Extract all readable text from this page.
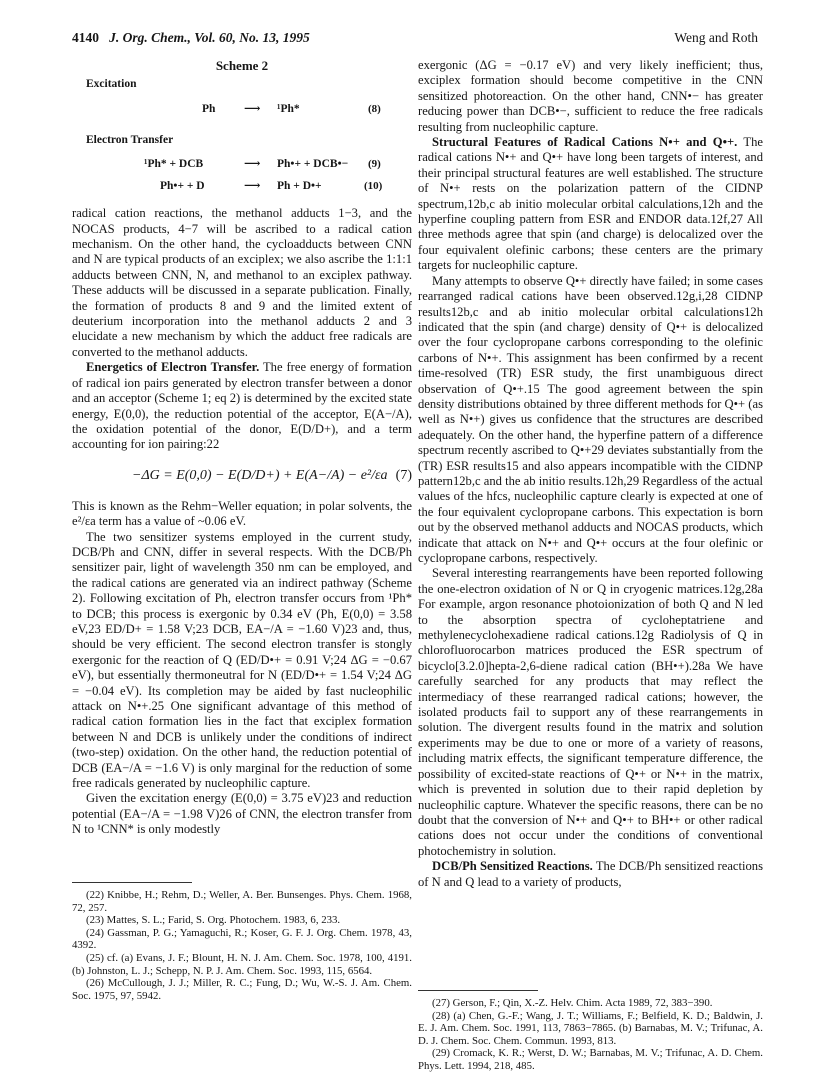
4140 J. Org. Chem., Vol. 60, No. 13, 1995	Weng and Roth
Scheme 2
Excitation
Ph ⟶ ¹Ph*	(8)
Electron Transfer
¹Ph* + DCB	⟶ Ph•+ + DCB•− (9)
Ph•+ + D	⟶ Ph + D•+	(10)

radical cation reactions, the methanol adducts 1−3, and the NOCAS products, 4−7 will be ascribed to a radical cation mechanism. On the other hand, the cycloadducts between CNN and N are typical products of an exciplex; we also ascribe the 1:1:1 adducts between CNN, N, and methanol to an exciplex pathway. These adducts will be discussed in a separate publication. Finally, the formation of products 8 and 9 and the limited extent of deuterium incorporation into the methanol adducts 2 and 3 elucidate a new mechanism by which the adduct free radicals are converted to the methanol adducts.

Energetics of Electron Transfer. The free energy of formation of radical ion pairs generated by electron transfer between a donor and an acceptor (Scheme 1; eq 2) is determined by the excited state energy, E(0,0), the reduction potential of the acceptor, E(A−/A), the oxidation potential of the donor, E(D/D+), and a term accounting for ion pairing:22

−ΔG = E(0,0) − E(D/D+) + E(A−/A) − e²/εa (7)

This is known as the Rehm−Weller equation; in polar solvents, the e²/εa term has a value of ~0.06 eV.

The two sensitizer systems employed in the current study, DCB/Ph and CNN, differ in several respects. With the DCB/Ph sensitizer pair, light of wavelength 350 nm can be employed, and the radical cations are generated via an indirect pathway (Scheme 2). Following excitation of Ph, electron transfer occurs from ¹Ph* to DCB; this process is exergonic by 0.34 eV (Ph, E(0,0) = 3.58 eV,23 ED/D+ = 1.58 V;23 DCB, EA−/A = −1.60 V)23 and, thus, should be very efficient. The second electron transfer is stongly exergonic for the reaction of Q (ED/D•+ = 0.91 V;24 ΔG = −0.67 eV), but essentially thermoneutral for N (ED/D•+ = 1.54 V;24 ΔG = −0.04 eV). Its completion may be aided by fast nucleophilic attack on N•+.25 One significant advantage of this method of radical cation formation lies in the fact that exciplex formation between N and DCB is unlikely under the conditions of indirect (two-step) oxidation. On the other hand, the reduction potential of DCB (EA−/A = −1.6 V) is only marginal for the reduction of some free radicals generated by nucleophilic capture.

Given the excitation energy (E(0,0) = 3.75 eV)23 and reduction potential (EA−/A = −1.98 V)26 of CNN, the electron transfer from N to ¹CNN* is only modestly

(22) Knibbe, H.; Rehm, D.; Weller, A. Ber. Bunsenges. Phys. Chem. 1968, 72, 257.
(23) Mattes, S. L.; Farid, S. Org. Photochem. 1983, 6, 233.
(24) Gassman, P. G.; Yamaguchi, R.; Koser, G. F. J. Org. Chem. 1978, 43, 4392.
(25) cf. (a) Evans, J. F.; Blount, H. N. J. Am. Chem. Soc. 1978, 100, 4191. (b) Johnston, L. J.; Schepp, N. P. J. Am. Chem. Soc. 1993, 115, 6564.
(26) McCullough, J. J.; Miller, R. C.; Fung, D.; Wu, W.-S. J. Am. Chem. Soc. 1975, 97, 5942.

exergonic (ΔG = −0.17 eV) and very likely inefficient; thus, exciplex formation should become competitive in the CNN sensitized photoreaction. On the other hand, CNN•− has greater reducing power than DCB•−, sufficient to reduce the free radicals resulting from nucleophilic capture.

Structural Features of Radical Cations N•+ and Q•+. The radical cations N•+ and Q•+ have long been targets of interest, and their principal structural features are well established. The structure of N•+ rests on the polarization pattern of the CIDNP spectrum,12b,c ab initio molecular orbital calculations,12h and the hyperfine coupling pattern from ESR and ENDOR data.12f,27 All three methods agree that spin (and charge) is delocalized over the four equivalent olefinic carbons; these centers are the primary targets for nucleophilic capture.

Many attempts to observe Q•+ directly have failed; in some cases rearranged radical cations have been observed.12g,i,28 CIDNP results12b,c and ab initio molecular orbital calculations12h indicated that the spin (and charge) density of Q•+ is delocalized over the four cyclopropane carbons corresponding to the olefinic carbons of N•+. This assignment has been confirmed by a recent time-resolved (TR) ESR study, the first unambiguous direct observation of Q•+.15 The good agreement between the spin density distributions obtained by three different methods for Q•+ (as well as N•+) gives us confidence that the structures are described adequately. On the other hand, the hyperfine pattern of a difference spectrum recently ascribed to Q•+29 deviates substantially from the (TR) ESR results15 and also appears incompatible with the CIDNP pattern12b,c and the ab initio results.12h,29 Regardless of the actual values of the hfcs, nucleophilic capture clearly is expected at one of the four equivalent cyclopropane carbons. This expectation is born out by the observed methanol adducts and NOCAS products, which indicate that attack on N•+ and Q•+ occurs at the four olefinic or cyclopropane carbons, respectively.

Several interesting rearrangements have been reported following the one-electron oxidation of N or Q in cryogenic matrices.12g,28a For example, argon resonance photoionization of both Q and N led to the absorption spectra of cycloheptatriene and methylenecyclohexadiene radical cations.12g Radiolysis of Q in chlorofluorocarbon matrices produced the ESR spectrum of bicyclo[3.2.0]hepta-2,6-diene radical cation (BH•+).28a We have carefully searched for any products that may reflect the intermediacy of these rearranged radical cations; however, the isolated products fail to support any of these rearrangements in solution. The divergent results found in the matrix and solution experiments may be due to one or more of a variety of reasons, including matrix effects, the significant temperature difference, the possibility of excited-state reactions of Q•+ or N•+ in the matrix, which is prevented in solution due to their rapid depletion by nucleophilic capture. Whatever the specific reasons, there can be no doubt that the conversion of N•+ and Q•+ to BH•+ or other radical cations does not occur under the conditions of conventional photochemistry in solution.

DCB/Ph Sensitized Reactions. The DCB/Ph sensitized reactions of N and Q lead to a variety of products,

(27) Gerson, F.; Qin, X.-Z. Helv. Chim. Acta 1989, 72, 383−390.
(28) (a) Chen, G.-F.; Wang, J. T.; Williams, F.; Belfield, K. D.; Baldwin, J. E. J. Am. Chem. Soc. 1991, 113, 7863−7865. (b) Barnabas, M. V.; Trifunac, A. D. J. Chem. Soc. Chem. Commun. 1993, 813.
(29) Cromack, K. R.; Werst, D. W.; Barnabas, M. V.; Trifunac, A. D. Chem. Phys. Lett. 1994, 218, 485.
